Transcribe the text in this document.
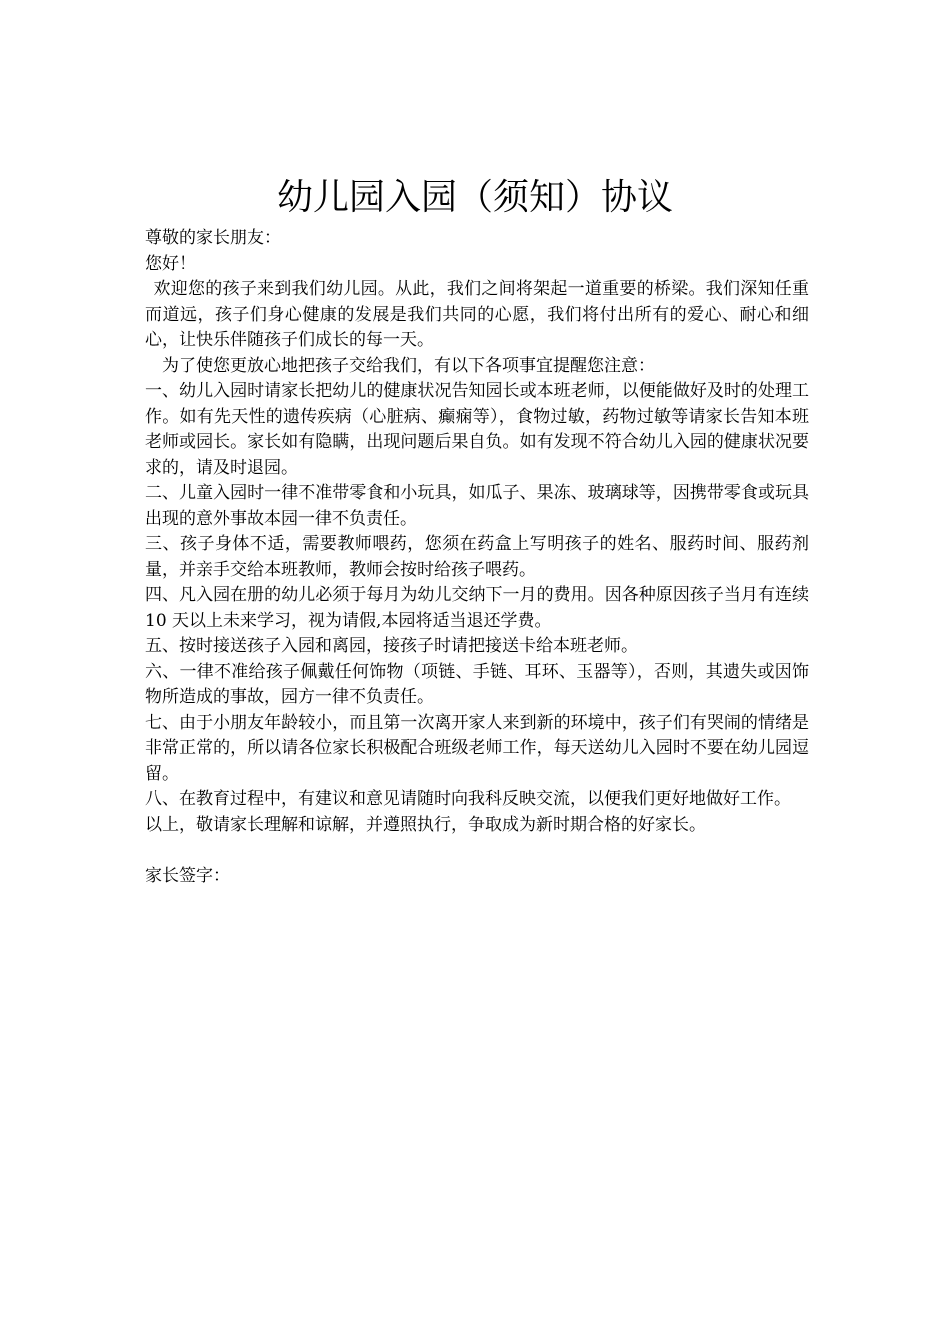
幼儿园入园（须知）协议

尊敬的家长朋友：

您好！

欢迎您的孩子来到我们幼儿园。从此，我们之间将架起一道重要的桥梁。我们深知任重而道远，孩子们身心健康的发展是我们共同的心愿，我们将付出所有的爱心、耐心和细心，让快乐伴随孩子们成长的每一天。

为了使您更放心地把孩子交给我们，有以下各项事宜提醒您注意：

一、幼儿入园时请家长把幼儿的健康状况告知园长或本班老师，以便能做好及时的处理工作。如有先天性的遗传疾病（心脏病、癫痫等），食物过敏，药物过敏等请家长告知本班老师或园长。家长如有隐瞒，出现问题后果自负。如有发现不符合幼儿入园的健康状况要求的，请及时退园。

二、儿童入园时一律不准带零食和小玩具，如瓜子、果冻、玻璃球等，因携带零食或玩具出现的意外事故本园一律不负责任。

三、孩子身体不适，需要教师喂药，您须在药盒上写明孩子的姓名、服药时间、服药剂量，并亲手交给本班教师，教师会按时给孩子喂药。

四、凡入园在册的幼儿必须于每月为幼儿交纳下一月的费用。因各种原因孩子当月有连续 10 天以上未来学习，视为请假,本园将适当退还学费。

五、按时接送孩子入园和离园，接孩子时请把接送卡给本班老师。

六、一律不准给孩子佩戴任何饰物（项链、手链、耳环、玉器等），否则，其遗失或因饰物所造成的事故，园方一律不负责任。

七、由于小朋友年龄较小，而且第一次离开家人来到新的环境中，孩子们有哭闹的情绪是非常正常的，所以请各位家长积极配合班级老师工作，每天送幼儿入园时不要在幼儿园逗留。

八、在教育过程中，有建议和意见请随时向我科反映交流，以便我们更好地做好工作。

以上，敬请家长理解和谅解，并遵照执行，争取成为新时期合格的好家长。

家长签字：
